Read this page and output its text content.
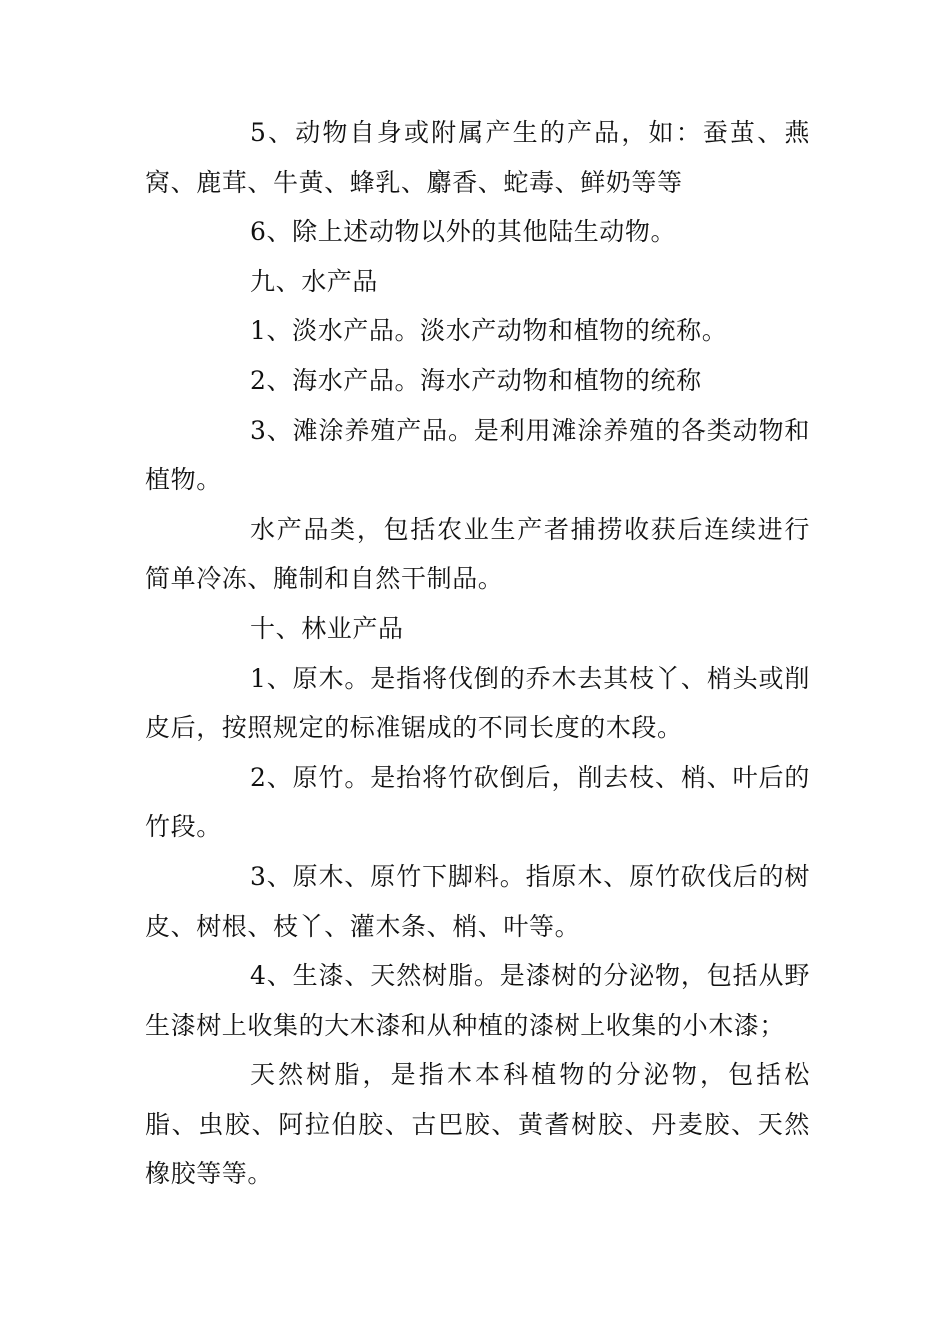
5、动物自身或附属产生的产品，如：蚕茧、燕窝、鹿茸、牛黄、蜂乳、麝香、蛇毒、鲜奶等等

6、除上述动物以外的其他陆生动物。

九、水产品

1、淡水产品。淡水产动物和植物的统称。

2、海水产品。海水产动物和植物的统称

3、滩涂养殖产品。是利用滩涂养殖的各类动物和植物。

水产品类，包括农业生产者捕捞收获后连续进行简单冷冻、腌制和自然干制品。

十、林业产品

1、原木。是指将伐倒的乔木去其枝丫、梢头或削皮后，按照规定的标准锯成的不同长度的木段。

2、原竹。是抬将竹砍倒后，削去枝、梢、叶后的竹段。

3、原木、原竹下脚料。指原木、原竹砍伐后的树皮、树根、枝丫、灌木条、梢、叶等。

4、生漆、天然树脂。是漆树的分泌物，包括从野生漆树上收集的大木漆和从种植的漆树上收集的小木漆；

天然树脂，是指木本科植物的分泌物，包括松脂、虫胶、阿拉伯胶、古巴胶、黄耆树胶、丹麦胶、天然橡胶等等。
